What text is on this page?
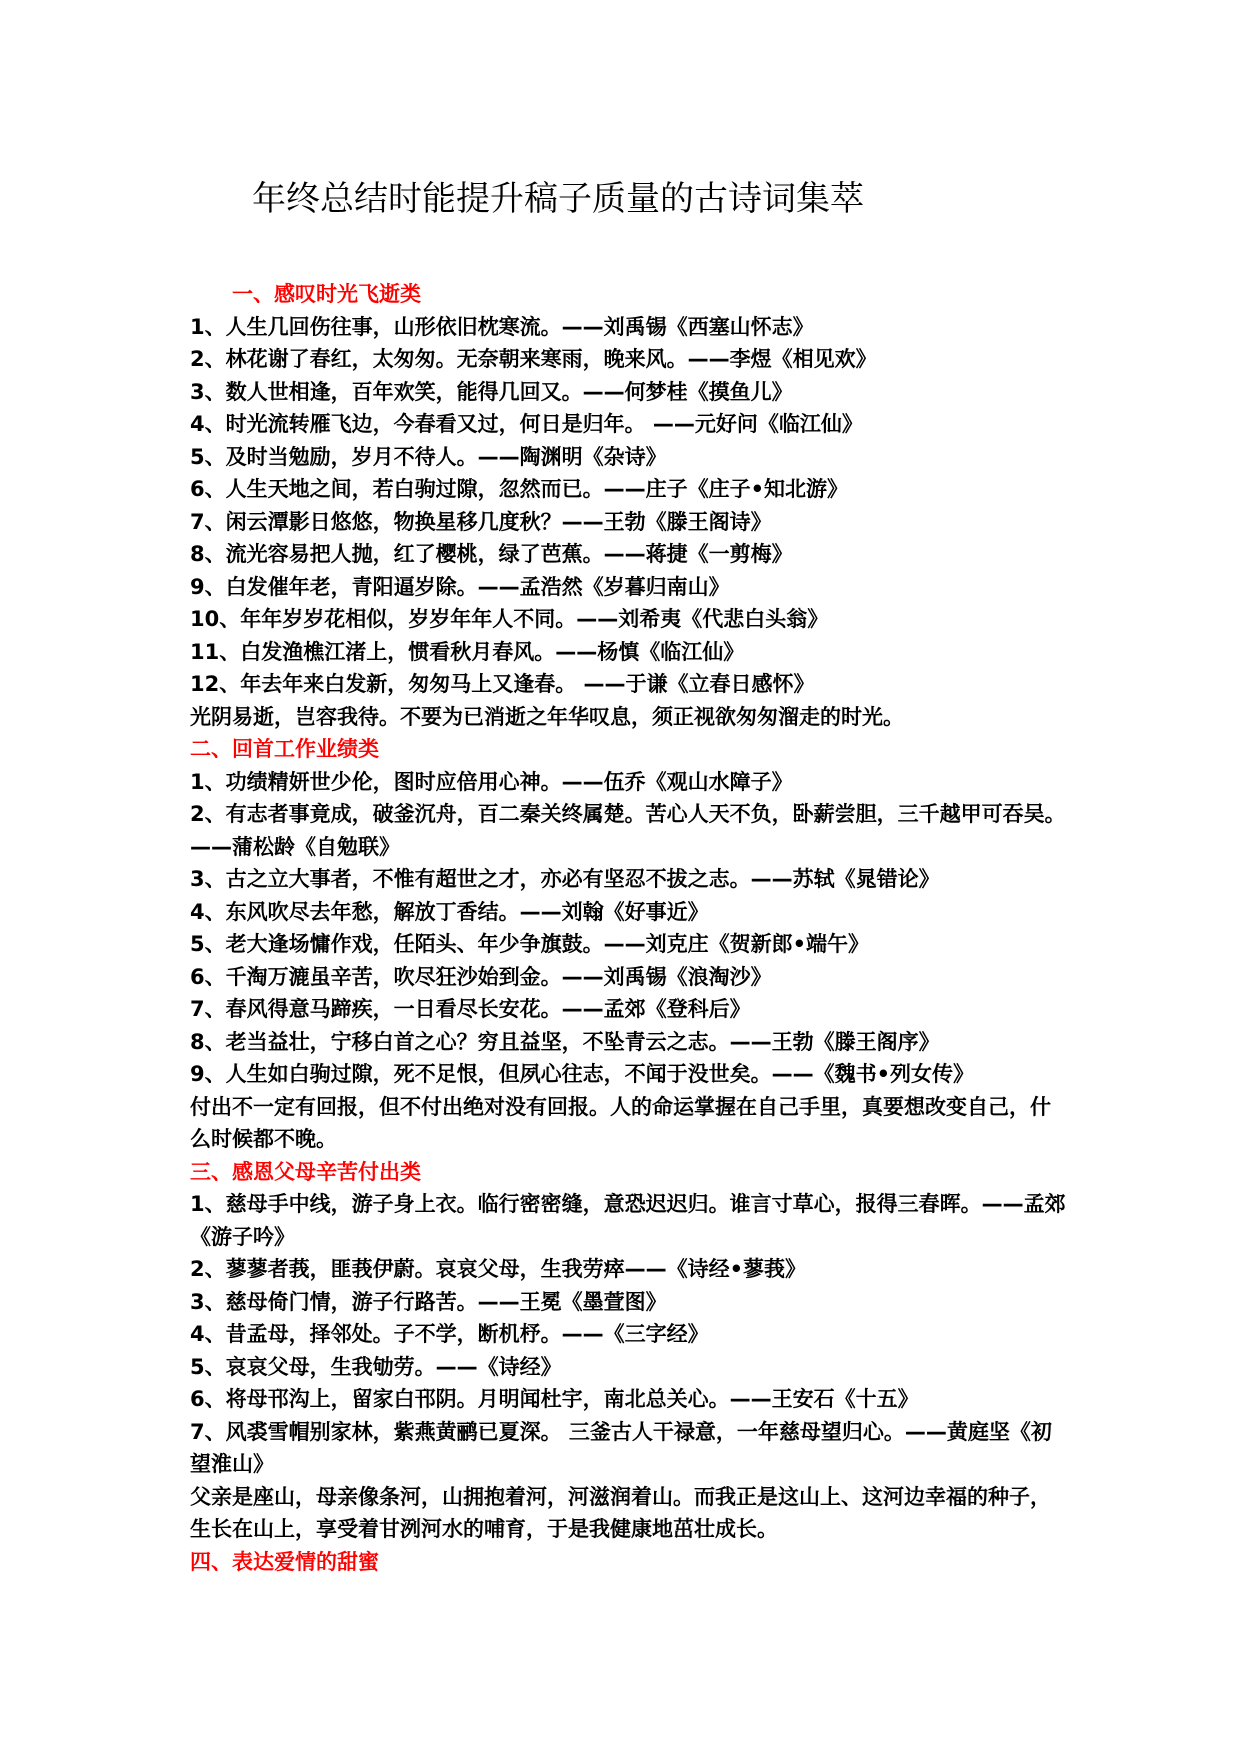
年终总结时能提升稿子质量的古诗词集萃

一、感叹时光飞逝类

1、人生几回伤往事，山形依旧枕寒流。——刘禹锡《西塞山怀志》

2、林花谢了春红，太匆匆。无奈朝来寒雨，晚来风。——李煜《相见欢》

3、数人世相逢，百年欢笑，能得几回又。——何梦桂《摸鱼儿》

4、时光流转雁飞边，今春看又过，何日是归年。 ——元好问《临江仙》

5、及时当勉励，岁月不待人。——陶渊明《杂诗》

6、人生天地之间，若白驹过隙，忽然而已。——庄子《庄子•知北游》

7、闲云潭影日悠悠，物换星移几度秋？——王勃《滕王阁诗》

8、流光容易把人抛，红了樱桃，绿了芭蕉。——蒋捷《一剪梅》

9、白发催年老，青阳逼岁除。——孟浩然《岁暮归南山》

10、年年岁岁花相似，岁岁年年人不同。——刘希夷《代悲白头翁》

11、白发渔樵江渚上，惯看秋月春风。——杨慎《临江仙》

12、年去年来白发新，匆匆马上又逢春。 ——于谦《立春日感怀》

光阴易逝，岂容我待。不要为已消逝之年华叹息，须正视欲匆匆溜走的时光。

二、回首工作业绩类

1、功绩精妍世少伦，图时应倍用心神。——伍乔《观山水障子》

2、有志者事竟成，破釜沉舟，百二秦关终属楚。苦心人天不负，卧薪尝胆，三千越甲可吞吴。——蒲松龄《自勉联》

3、古之立大事者，不惟有超世之才，亦必有坚忍不拔之志。——苏轼《晁错论》

4、东风吹尽去年愁，解放丁香结。——刘翰《好事近》

5、老大逢场慵作戏，任陌头、年少争旗鼓。——刘克庄《贺新郎•端午》

6、千淘万漉虽辛苦，吹尽狂沙始到金。——刘禹锡《浪淘沙》

7、春风得意马蹄疾，一日看尽长安花。——孟郊《登科后》

8、老当益壮，宁移白首之心？穷且益坚，不坠青云之志。——王勃《滕王阁序》

9、人生如白驹过隙，死不足恨，但夙心往志，不闻于没世矣。——《魏书•列女传》

付出不一定有回报，但不付出绝对没有回报。人的命运掌握在自己手里，真要想改变自己，什么时候都不晚。

三、感恩父母辛苦付出类

1、慈母手中线，游子身上衣。临行密密缝，意恐迟迟归。谁言寸草心，报得三春晖。——孟郊《游子吟》

2、蓼蓼者莪，匪莪伊蔚。哀哀父母，生我劳瘁——《诗经•蓼莪》

3、慈母倚门情，游子行路苦。——王冕《墨萱图》

4、昔孟母，择邻处。子不学，断机杼。——《三字经》

5、哀哀父母，生我劬劳。——《诗经》

6、将母邗沟上，留家白邗阴。月明闻杜宇，南北总关心。——王安石《十五》

7、风裘雪帽别家林，紫燕黄鹂已夏深。 三釜古人干禄意，一年慈母望归心。——黄庭坚《初望淮山》

父亲是座山，母亲像条河，山拥抱着河，河滋润着山。而我正是这山上、这河边幸福的种子，生长在山上，享受着甘洌河水的哺育，于是我健康地茁壮成长。

四、表达爱情的甜蜜
